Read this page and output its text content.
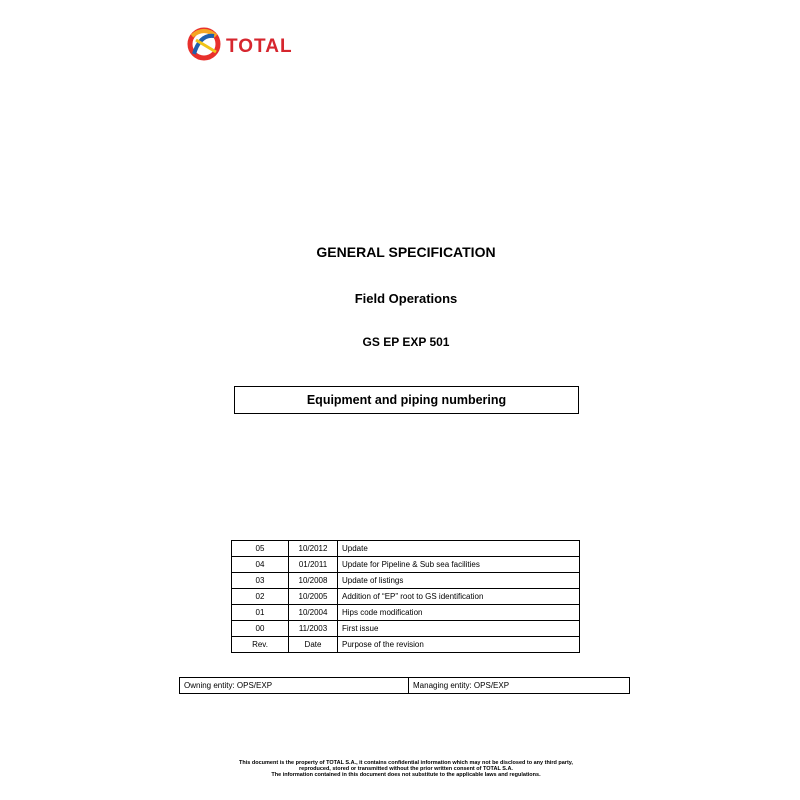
TOTAL
GENERAL SPECIFICATION
Field Operations
GS EP EXP 501
Equipment and piping numbering
05	10/2012	Update
04	01/2011	Update for Pipeline & Sub sea facilities
03	10/2008	Update of listings
02	10/2005	Addition of “EP” root to GS identification
01	10/2004	Hips code modification
00	11/2003	First issue
Rev.	Date	Purpose of the revision
Owning entity: OPS/EXP	Managing entity: OPS/EXP
This document is the property of TOTAL S.A., it contains confidential information which may not be disclosed to any third party,
reproduced, stored or transmitted without the prior written consent of TOTAL S.A.
The information contained in this document does not substitute to the applicable laws and regulations.
